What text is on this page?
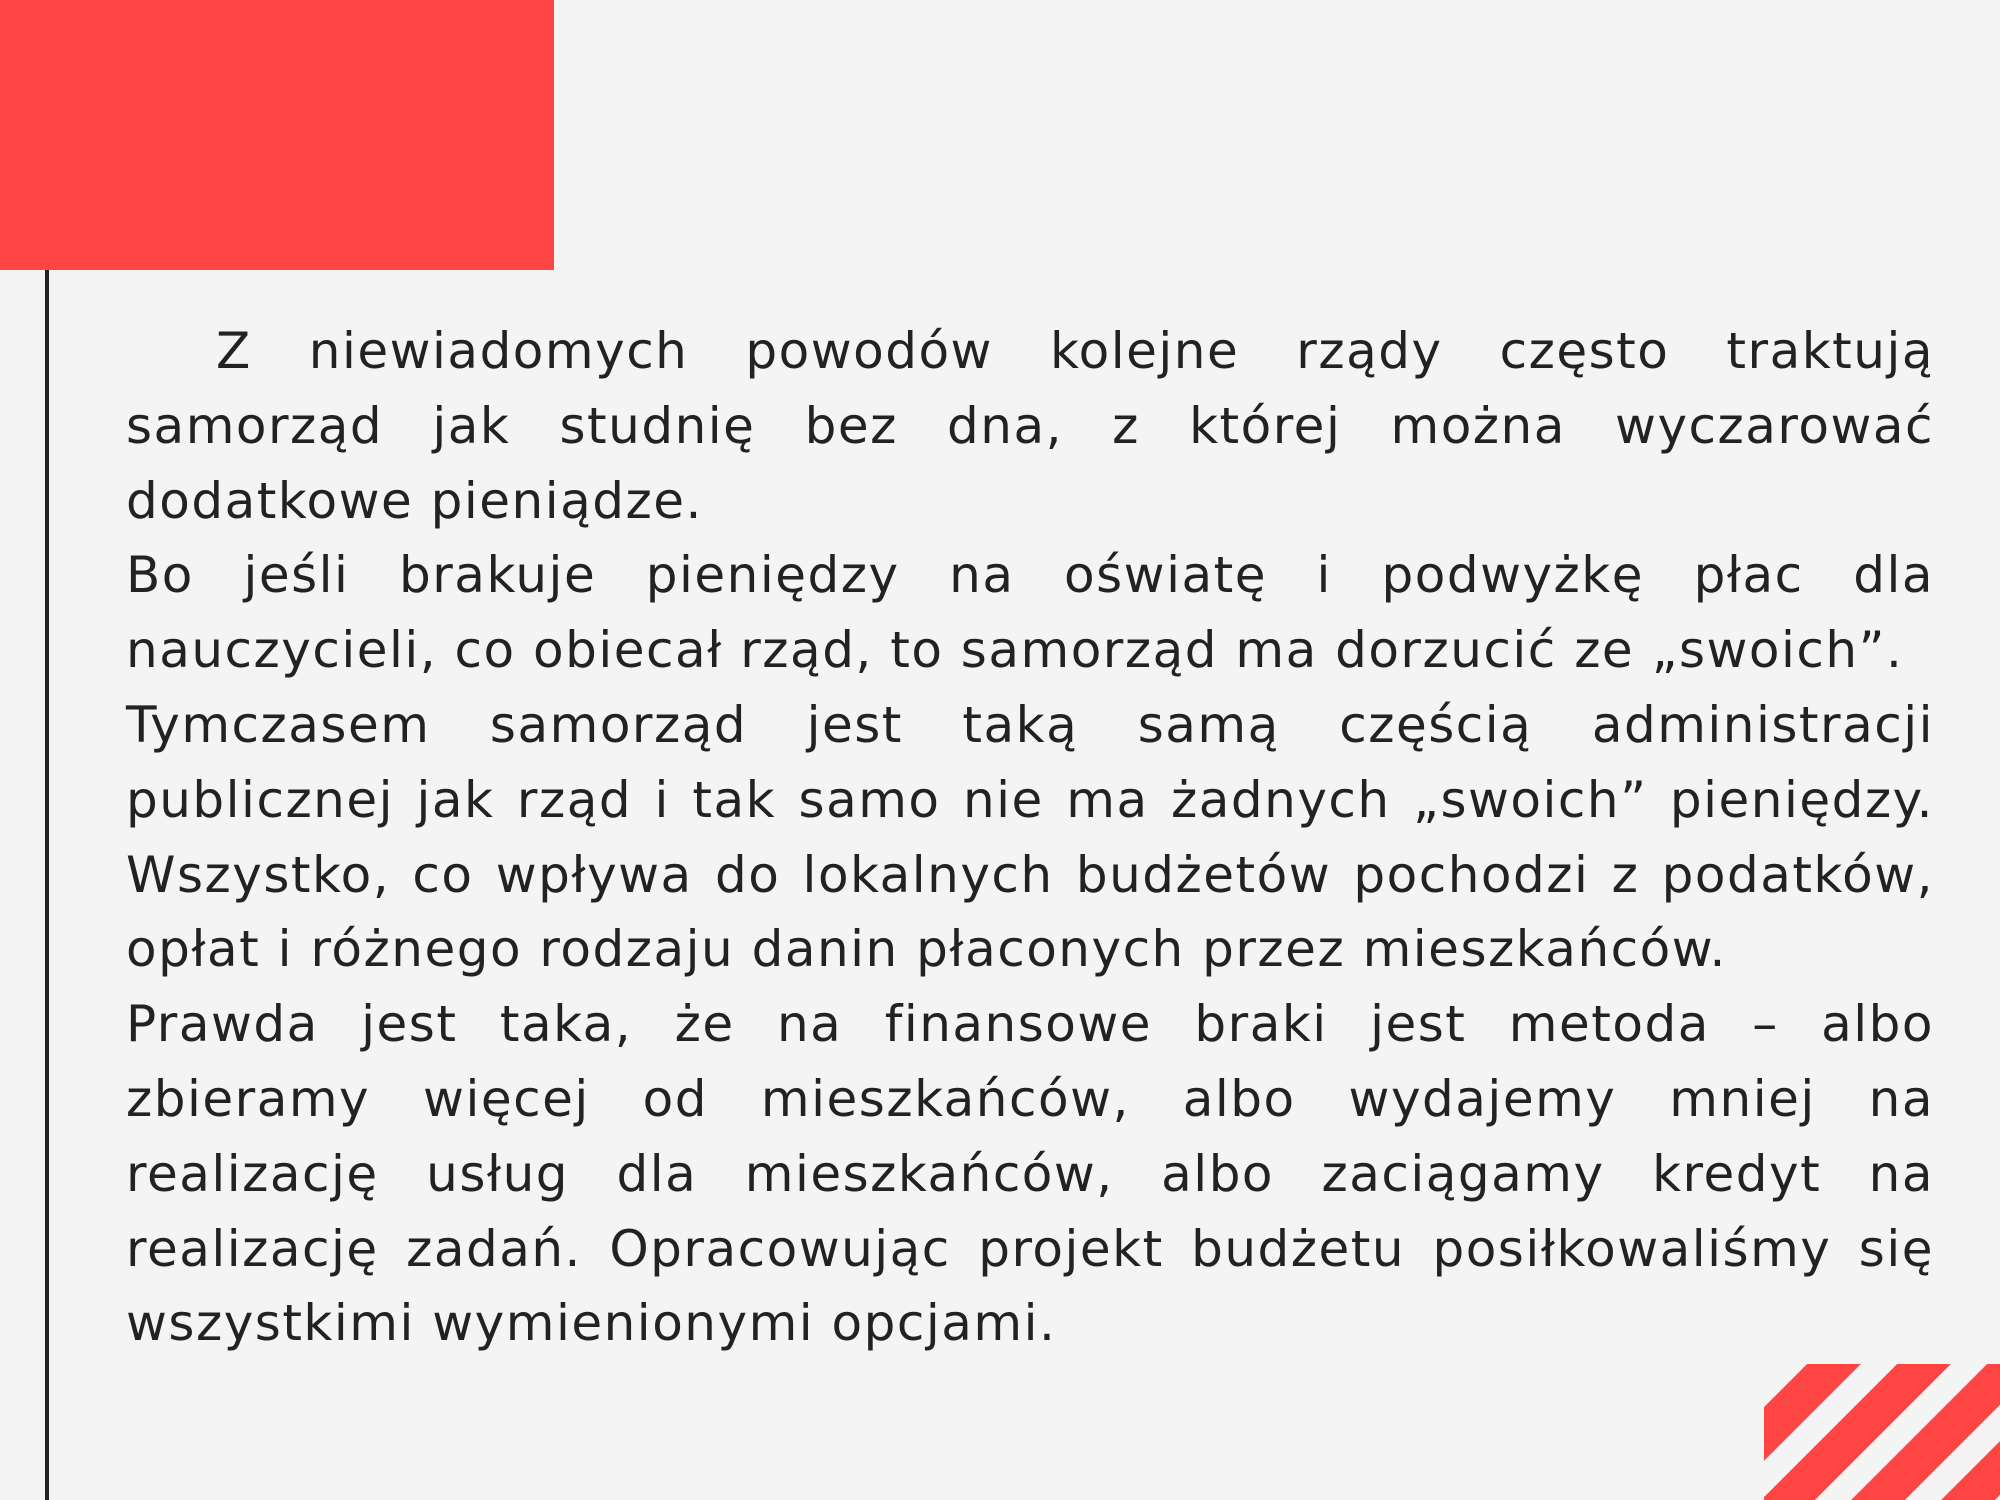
Z niewiadomych powodów kolejne rządy często traktują samorząd jak studnię bez dna, z której można wyczarować dodatkowe pieniądze.

Bo jeśli brakuje pieniędzy na oświatę i podwyżkę płac dla nauczycieli, co obiecał rząd, to samorząd ma dorzucić ze „swoich”.

Tymczasem samorząd jest taką samą częścią administracji publicznej jak rząd i tak samo nie ma żadnych „swoich” pieniędzy. Wszystko, co wpływa do lokalnych budżetów pochodzi z podatków, opłat i różnego rodzaju danin płaconych przez mieszkańców.

Prawda jest taka, że na finansowe braki jest metoda – albo zbieramy więcej od mieszkańców, albo wydajemy mniej na realizację usług dla mieszkańców, albo zaciągamy kredyt na realizację zadań. Opracowując projekt budżetu posiłkowaliśmy się wszystkimi wymienionymi opcjami.
